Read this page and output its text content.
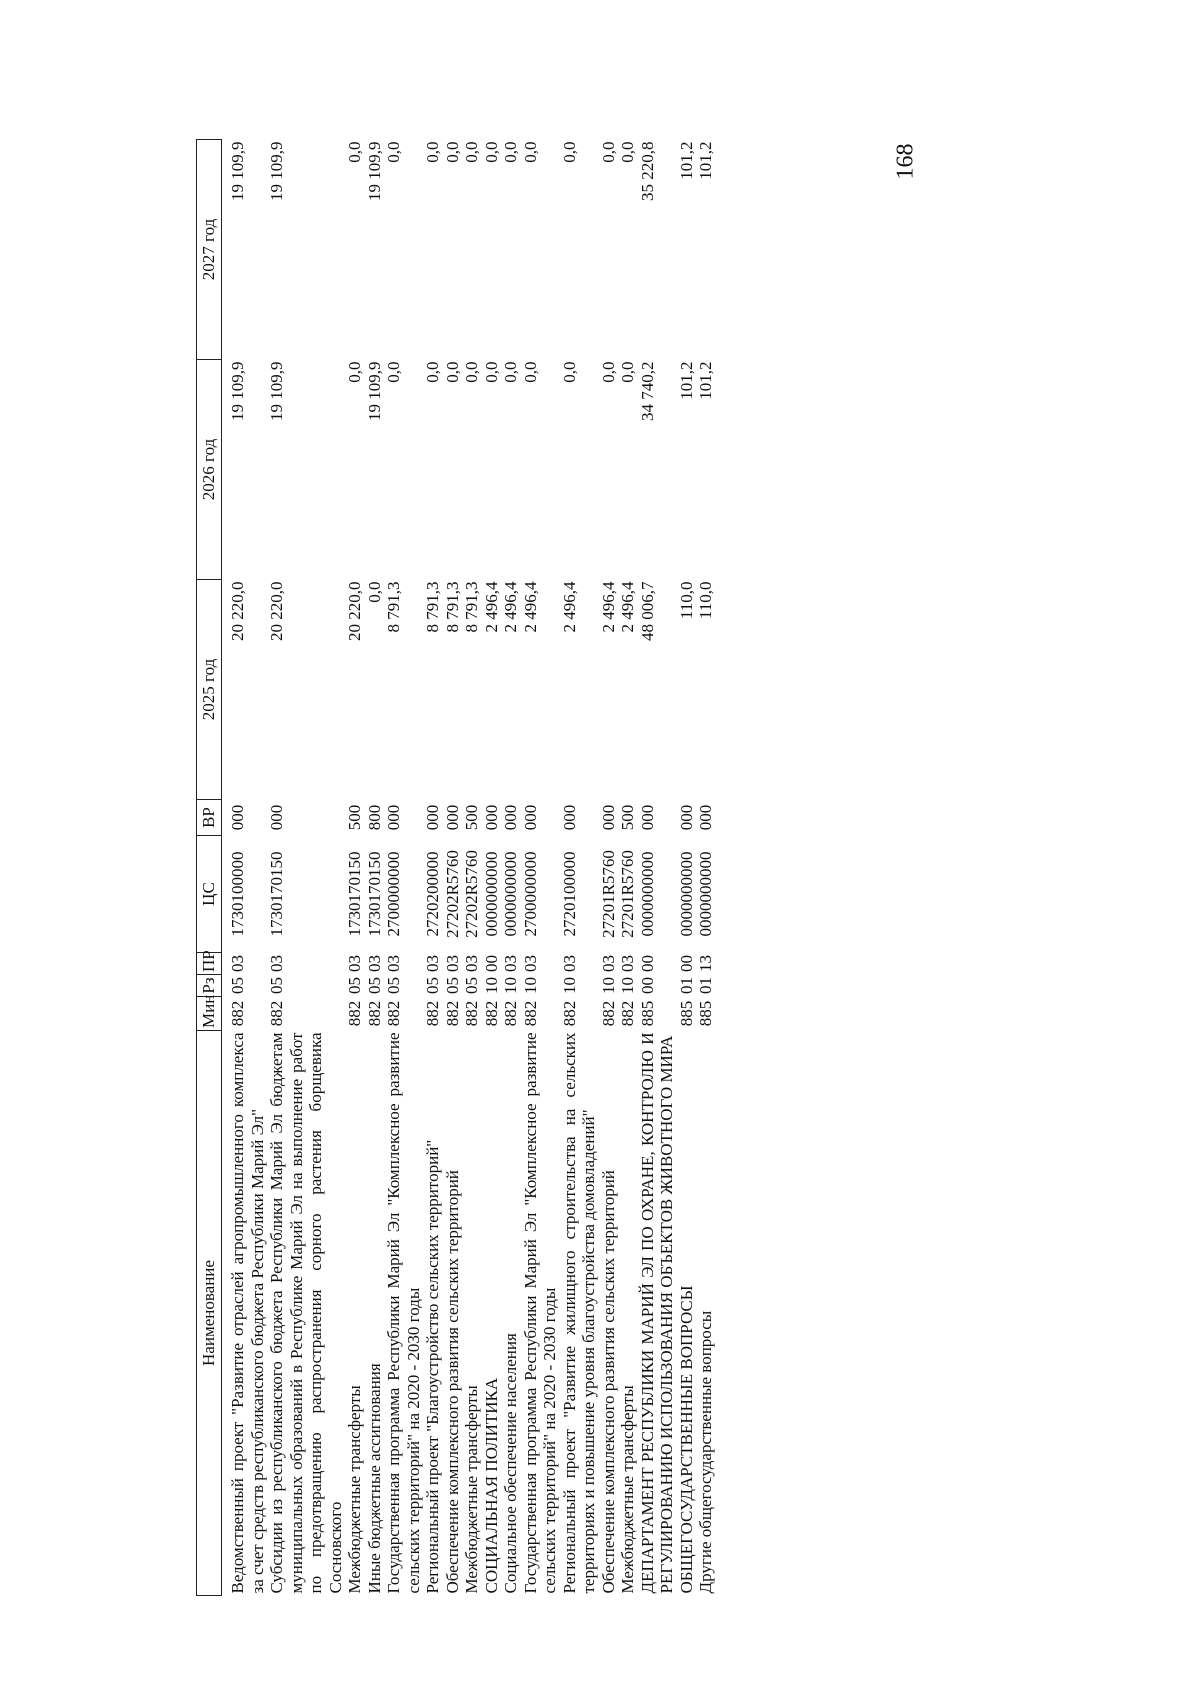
168
Наименование	Мин	Рз	ПР	ЦС	ВР	2025 год	2026 год	2027 год

Ведомственный проект "Развитие отраслей агропромышленного комплекса за счет средств республиканского бюджета Республики Марий Эл"	882	05	03	1730100000	000	20 220,0	19 109,9	19 109,9
Субсидии из республиканского бюджета Республики Марий Эл бюджетам муниципальных образований в Республике Марий Эл на выполнение работ по предотвращению распространения сорного растения борщевика Сосновского	882	05	03	1730170150	000	20 220,0	19 109,9	19 109,9
Межбюджетные трансферты	882	05	03	1730170150	500	20 220,0	0,0	0,0
Иные бюджетные ассигнования	882	05	03	1730170150	800	0,0	19 109,9	19 109,9
Государственная программа Республики Марий Эл "Комплексное развитие сельских территорий" на 2020 - 2030 годы	882	05	03	2700000000	000	8 791,3	0,0	0,0
Региональный проект "Благоустройство сельских территорий"	882	05	03	2720200000	000	8 791,3	0,0	0,0
Обеспечение комплексного развития сельских территорий	882	05	03	27202R5760	000	8 791,3	0,0	0,0
Межбюджетные трансферты	882	05	03	27202R5760	500	8 791,3	0,0	0,0
СОЦИАЛЬНАЯ ПОЛИТИКА	882	10	00	0000000000	000	2 496,4	0,0	0,0
Социальное обеспечение населения	882	10	03	0000000000	000	2 496,4	0,0	0,0
Государственная программа Республики Марий Эл "Комплексное развитие сельских территорий" на 2020 - 2030 годы	882	10	03	2700000000	000	2 496,4	0,0	0,0
Региональный проект "Развитие жилищного строительства на сельских территориях и повышение уровня благоустройства домовладений"	882	10	03	2720100000	000	2 496,4	0,0	0,0
Обеспечение комплексного развития сельских территорий	882	10	03	27201R5760	000	2 496,4	0,0	0,0
Межбюджетные трансферты	882	10	03	27201R5760	500	2 496,4	0,0	0,0
ДЕПАРТАМЕНТ РЕСПУБЛИКИ МАРИЙ ЭЛ ПО ОХРАНЕ, КОНТРОЛЮ И РЕГУЛИРОВАНИЮ ИСПОЛЬЗОВАНИЯ ОБЪЕКТОВ ЖИВОТНОГО МИРА	885	00	00	0000000000	000	48 006,7	34 740,2	35 220,8
ОБЩЕГОСУДАРСТВЕННЫЕ ВОПРОСЫ	885	01	00	0000000000	000	110,0	101,2	101,2
Другие общегосударственные вопросы	885	01	13	0000000000	000	110,0	101,2	101,2
